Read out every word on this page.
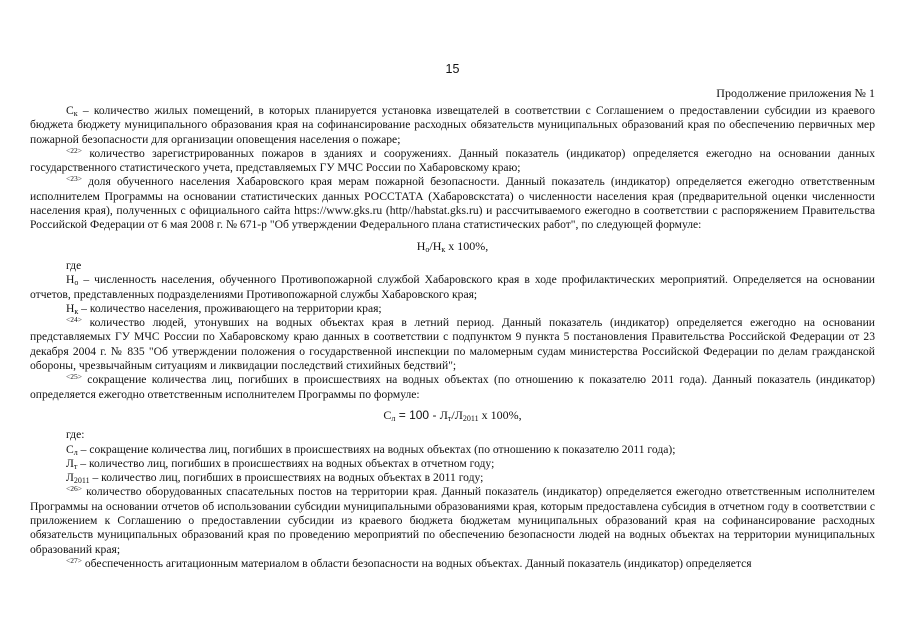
15
Продолжение приложения № 1

$С_к$ – количество жилых помещений, в которых планируется установка извещателей в соответствии с Соглашением о предоставлении субсидии из краевого бюджета бюджету муниципального образования края на софинансирование расходных обязательств муниципальных образований края по обеспечению первичных мер пожарной безопасности для организации оповещения населения о пожаре;

$^{<22>}$ количество зарегистрированных пожаров в зданиях и сооружениях. Данный показатель (индикатор) определяется ежегодно на основании данных государственного статистического учета, представляемых ГУ МЧС России по Хабаровскому краю;

$^{<23>}$ доля обученного населения Хабаровского края мерам пожарной безопасности. Данный показатель (индикатор) определяется ежегодно ответственным исполнителем Программы на основании статистических данных РОССТАТА (Хабаровскстата) о численности населения края (предварительной оценки численности населения края), полученных с официального сайта https://www.gks.ru (http//habstat.gks.ru) и рассчитываемого ежегодно в соответствии с распоряжением Правительства Российской Федерации от 6 мая 2008 г. № 671-р "Об утверждении Федерального плана статистических работ", по следующей формуле:

$Н_о/Н_к$ x 100%,
где

$Н_о$ – численность населения, обученного Противопожарной службой Хабаровского края в ходе профилактических мероприятий. Определяется на основании отчетов, представленных подразделениями Противопожарной службы Хабаровского края;

$Н_к$ – количество населения, проживающего на территории края;

$^{<24>}$ количество людей, утонувших на водных объектах края в летний период. Данный показатель (индикатор) определяется ежегодно на основании представляемых ГУ МЧС России по Хабаровскому краю данных в соответствии с подпунктом 9 пункта 5 постановления Правительства Российской Федерации от 23 декабря 2004 г. № 835 "Об утверждении положения о государственной инспекции по маломерным судам министерства Российской Федерации по делам гражданской обороны, чрезвычайным ситуациям и ликвидации последствий стихийных бедствий";

$^{<25>}$ сокращение количества лиц, погибших в происшествиях на водных объектах (по отношению к показателю 2011 года). Данный показатель (индикатор) определяется ежегодно ответственным исполнителем Программы по формуле:

$С_л = 100 - Л_т/Л_{2011}$ x 100%,
где:

$С_л$ – сокращение количества лиц, погибших в происшествиях на водных объектах (по отношению к показателю 2011 года);

$Л_т$ – количество лиц, погибших в происшествиях на водных объектах в отчетном году;

$Л_{2011}$ – количество лиц, погибших в происшествиях на водных объектах в 2011 году;

$^{<26>}$ количество оборудованных спасательных постов на территории края. Данный показатель (индикатор) определяется ежегодно ответственным исполнителем Программы на основании отчетов об использовании субсидии муниципальными образованиями края, которым предоставлена субсидия в отчетном году в соответствии с приложением к Соглашению о предоставлении субсидии из краевого бюджета бюджетам муниципальных образований края на софинансирование расходных обязательств муниципальных образований края по проведению мероприятий по обеспечению безопасности людей на водных объектах на территории муниципальных образований края;

$^{<27>}$ обеспеченность агитационным материалом в области безопасности на водных объектах. Данный показатель (индикатор) определяется
